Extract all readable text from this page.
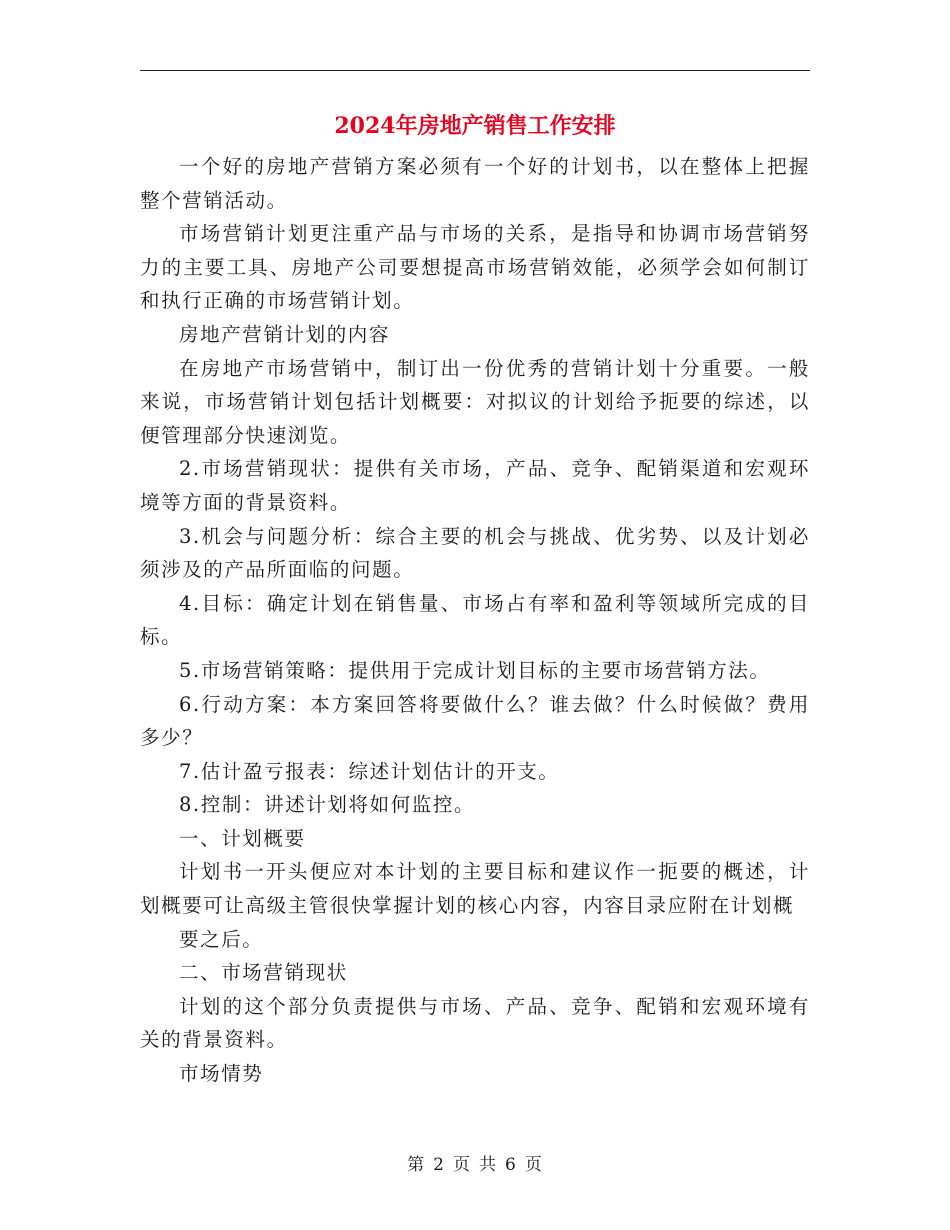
2024年房地产销售工作安排

一个好的房地产营销方案必须有一个好的计划书，以在整体上把握整个营销活动。

市场营销计划更注重产品与市场的关系，是指导和协调市场营销努力的主要工具、房地产公司要想提高市场营销效能，必须学会如何制订和执行正确的市场营销计划。

房地产营销计划的内容

在房地产市场营销中，制订出一份优秀的营销计划十分重要。一般来说，市场营销计划包括计划概要：对拟议的计划给予扼要的综述，以便管理部分快速浏览。

2.市场营销现状：提供有关市场，产品、竞争、配销渠道和宏观环境等方面的背景资料。

3.机会与问题分析：综合主要的机会与挑战、优劣势、以及计划必须涉及的产品所面临的问题。

4.目标：确定计划在销售量、市场占有率和盈利等领域所完成的目标。

5.市场营销策略：提供用于完成计划目标的主要市场营销方法。

6.行动方案：本方案回答将要做什么？谁去做？什么时候做？费用多少？

7.估计盈亏报表：综述计划估计的开支。

8.控制：讲述计划将如何监控。

一、计划概要

计划书一开头便应对本计划的主要目标和建议作一扼要的概述，计划概要可让高级主管很快掌握计划的核心内容，内容目录应附在计划概

要之后。

二、市场营销现状

计划的这个部分负责提供与市场、产品、竞争、配销和宏观环境有关的背景资料。

市场情势

第 2 页 共 6 页
